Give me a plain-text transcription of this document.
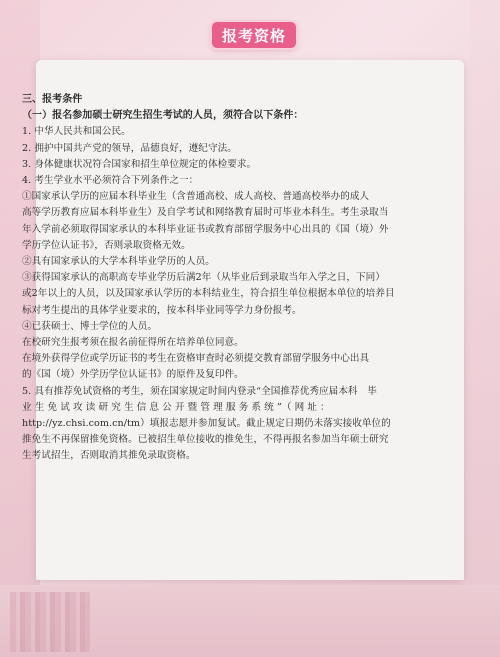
报考资格
三、报考条件
（一）报名参加硕士研究生招生考试的人员，须符合以下条件：
1. 中华人民共和国公民。
2. 拥护中国共产党的领导，品德良好，遵纪守法。
3. 身体健康状况符合国家和招生单位规定的体检要求。
4. 考生学业水平必须符合下列条件之一：
①国家承认学历的应届本科毕业生（含普通高校、成人高校、普通高校举办的成人
高等学历教育应届本科毕业生）及自学考试和网络教育届时可毕业本科生。考生录取当
年入学前必须取得国家承认的本科毕业证书或教育部留学服务中心出具的《国（境）外
学历学位认证书》，否则录取资格无效。
②具有国家承认的大学本科毕业学历的人员。
③获得国家承认的高职高专毕业学历后满2年（从毕业后到录取当年入学之日，下同）
或2年以上的人员，以及国家承认学历的本科结业生，符合招生单位根据本单位的培养目
标对考生提出的具体学业要求的，按本科毕业同等学力身份报考。
④已获硕士、博士学位的人员。
在校研究生报考须在报名前征得所在培养单位同意。
在境外获得学位或学历证书的考生在资格审查时必须提交教育部留学服务中心出具
的《国（境）外学历学位认证书》的原件及复印件。
5. 具有推荐免试资格的考生，须在国家规定时间内登录“全国推荐优秀应届本科　毕
业 生 免 试 攻 读 研 究 生 信 息 公 开 暨 管 理 服 务 系 统 ”（ 网 址 ：
http://yz.chsi.com.cn/tm）填报志愿并参加复试。截止规定日期仍未落实接收单位的
推免生不再保留推免资格。已被招生单位接收的推免生，不得再报名参加当年硕士研究
生考试招生，否则取消其推免录取资格。
